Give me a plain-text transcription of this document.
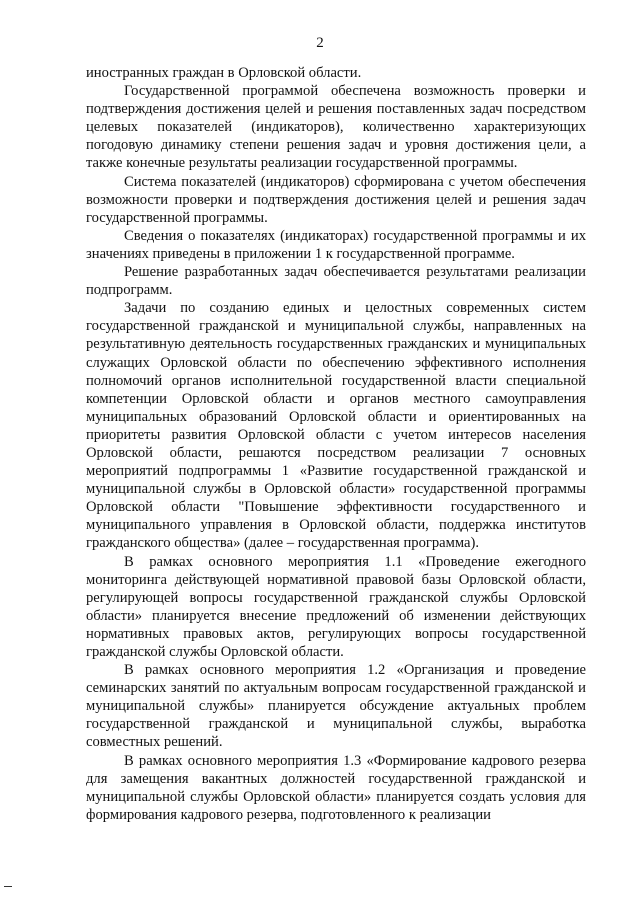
2

иностранных граждан в Орловской области.

Государственной программой обеспечена возможность проверки и подтверждения достижения целей и решения поставленных задач посредством целевых показателей (индикаторов), количественно характеризующих погодовую динамику степени решения задач и уровня достижения цели, а также конечные результаты реализации государственной программы.

Система показателей (индикаторов) сформирована с учетом обеспечения возможности проверки и подтверждения достижения целей и решения задач государственной программы.

Сведения о показателях (индикаторах) государственной программы и их значениях приведены в приложении 1 к государственной программе.

Решение разработанных задач обеспечивается результатами реализации подпрограмм.

Задачи по созданию единых и целостных современных систем государственной гражданской и муниципальной службы, направленных на результативную деятельность государственных гражданских и муниципальных служащих Орловской области по обеспечению эффективного исполнения полномочий органов исполнительной государственной власти специальной компетенции Орловской области и органов местного самоуправления муниципальных образований Орловской области и ориентированных на приоритеты развития Орловской области с учетом интересов населения Орловской области, решаются посредством реализации 7 основных мероприятий подпрограммы 1 «Развитие государственной гражданской и муниципальной службы в Орловской области» государственной программы Орловской области "Повышение эффективности государственного и муниципального управления в Орловской области, поддержка институтов гражданского общества» (далее – государственная программа).

В рамках основного мероприятия 1.1 «Проведение ежегодного мониторинга действующей нормативной правовой базы Орловской области, регулирующей вопросы государственной гражданской службы Орловской области» планируется внесение предложений об изменении действующих нормативных правовых актов, регулирующих вопросы государственной гражданской службы Орловской области.

В рамках основного мероприятия 1.2 «Организация и проведение семинарских занятий по актуальным вопросам государственной гражданской и муниципальной службы» планируется обсуждение актуальных проблем государственной гражданской и муниципальной службы, выработка совместных решений.

В рамках основного мероприятия 1.3 «Формирование кадрового резерва для замещения вакантных должностей государственной гражданской и муниципальной службы Орловской области» планируется создать условия для формирования кадрового резерва, подготовленного к реализации
